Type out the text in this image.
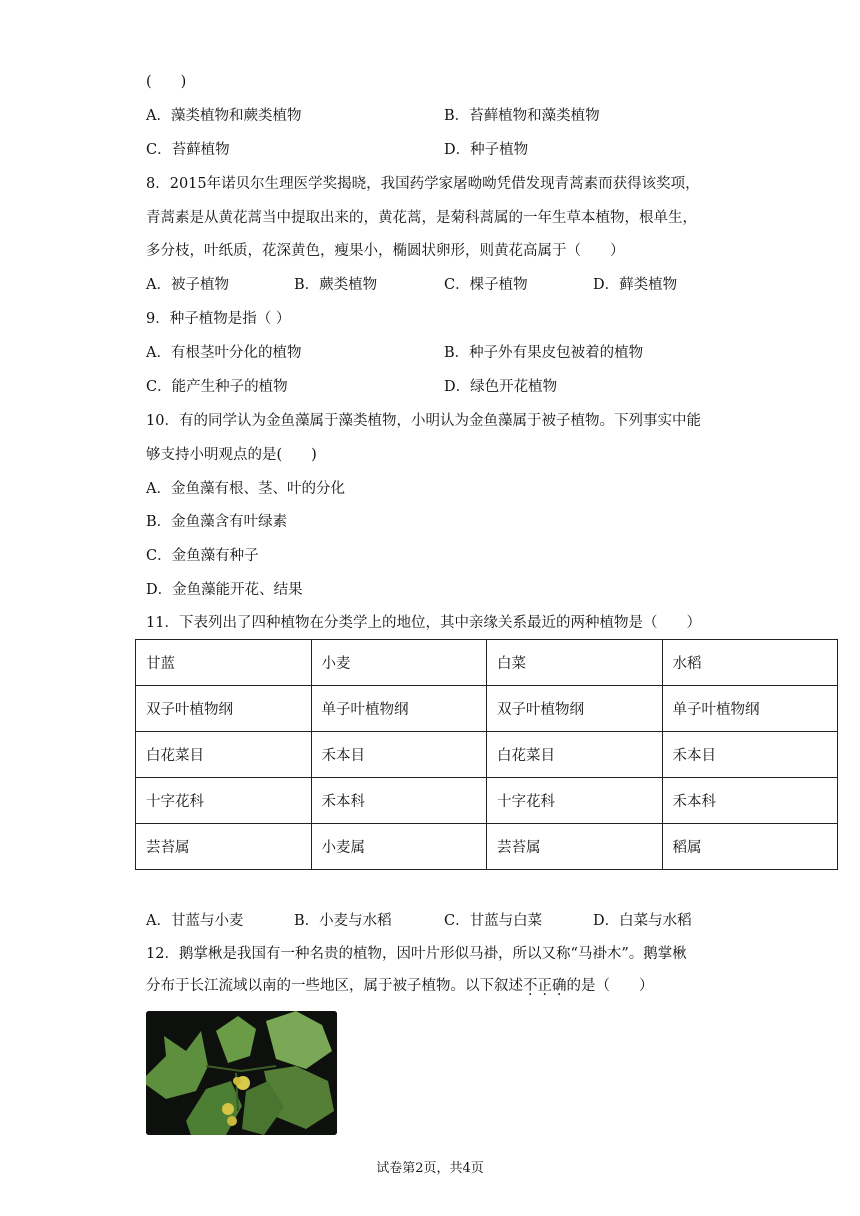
(　　)
A．藻类植物和蕨类植物	B．苔藓植物和藻类植物
C．苔藓植物	D．种子植物
8．2015年诺贝尔生理医学奖揭晓，我国药学家屠呦呦凭借发现青蒿素而获得该奖项，
青蒿素是从黄花蒿当中提取出来的，黄花蒿，是菊科蒿属的一年生草本植物，根单生，
多分枝，叶纸质，花深黄色，瘦果小，椭圆状卵形，则黄花高属于（　　）
A．被子植物	B．蕨类植物	C．棵子植物	D．藓类植物
9．种子植物是指（ ）
A．有根茎叶分化的植物	B．种子外有果皮包被着的植物
C．能产生种子的植物	D．绿色开花植物
10．有的同学认为金鱼藻属于藻类植物，小明认为金鱼藻属于被子植物。下列事实中能
够支持小明观点的是(　　)
A．金鱼藻有根、茎、叶的分化
B．金鱼藻含有叶绿素
C．金鱼藻有种子
D．金鱼藻能开花、结果
11．下表列出了四种植物在分类学上的地位，其中亲缘关系最近的两种植物是（　　）
甘蓝	小麦	白菜	水稻
双子叶植物纲	单子叶植物纲	双子叶植物纲	单子叶植物纲
白花菜目	禾本目	白花菜目	禾本目
十字花科	禾本科	十字花科	禾本科
芸苔属	小麦属	芸苔属	稻属
A．甘蓝与小麦	B．小麦与水稻	C．甘蓝与白菜	D．白菜与水稻
12．鹅掌楸是我国有一种名贵的植物，因叶片形似马褂，所以又称“马褂木”。鹅掌楸
分布于长江流域以南的一些地区，属于被子植物。以下叙述不正确的是（　　）
试卷第2页，共4页
